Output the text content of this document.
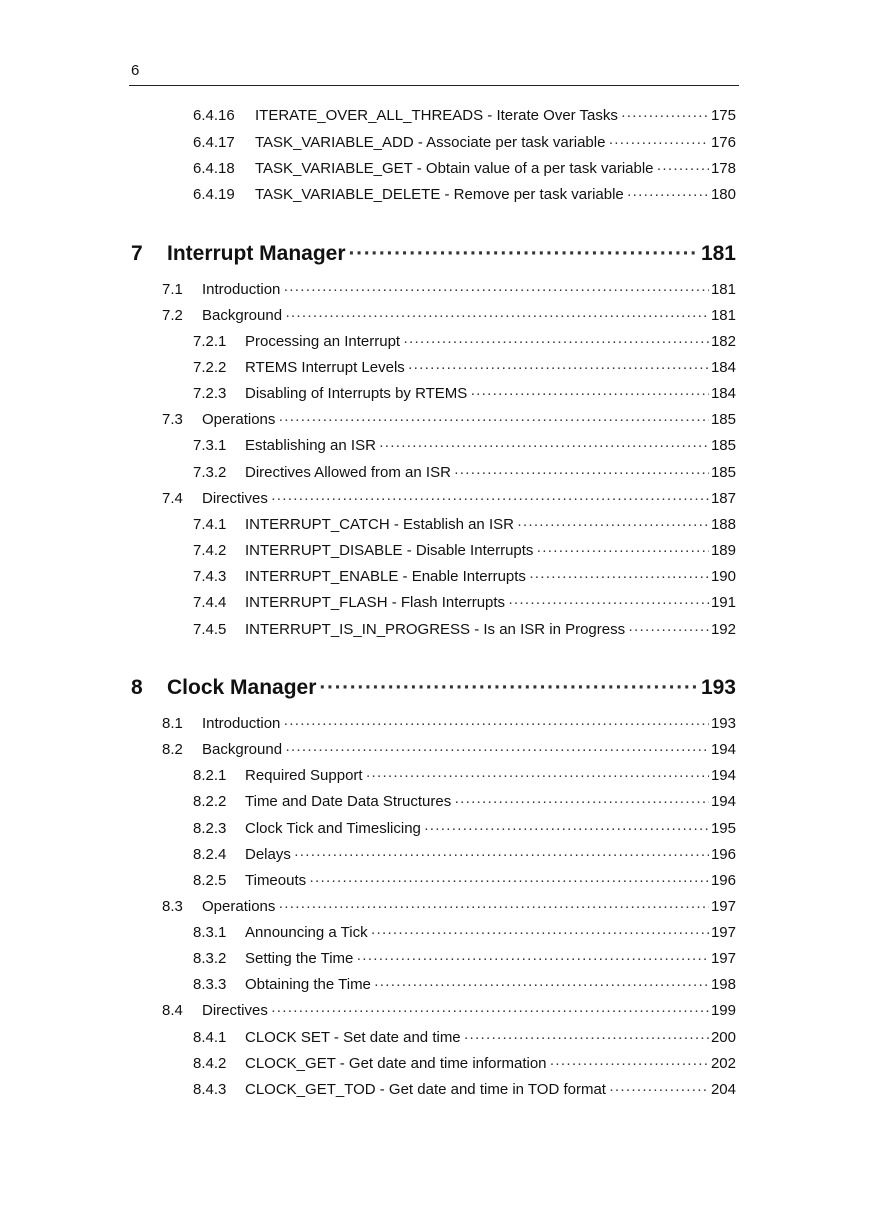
6
6.4.16	ITERATE_OVER_ALL_THREADS - Iterate Over Tasks ·····	175
6.4.17	TASK_VARIABLE_ADD - Associate per task variable ·····	176
6.4.18	TASK_VARIABLE_GET - Obtain value of a per task variable ·····	178
6.4.19	TASK_VARIABLE_DELETE - Remove per task variable ·····	180
7	Interrupt Manager ·····	181
7.1	Introduction ·····	181
7.2	Background ·····	181
7.2.1	Processing an Interrupt ·····	182
7.2.2	RTEMS Interrupt Levels ·····	184
7.2.3	Disabling of Interrupts by RTEMS ·····	184
7.3	Operations ·····	185
7.3.1	Establishing an ISR ·····	185
7.3.2	Directives Allowed from an ISR ·····	185
7.4	Directives ·····	187
7.4.1	INTERRUPT_CATCH - Establish an ISR ·····	188
7.4.2	INTERRUPT_DISABLE - Disable Interrupts ·····	189
7.4.3	INTERRUPT_ENABLE - Enable Interrupts ·····	190
7.4.4	INTERRUPT_FLASH - Flash Interrupts ·····	191
7.4.5	INTERRUPT_IS_IN_PROGRESS - Is an ISR in Progress ·····	192
8	Clock Manager ·····	193
8.1	Introduction ·····	193
8.2	Background ·····	194
8.2.1	Required Support ·····	194
8.2.2	Time and Date Data Structures ·····	194
8.2.3	Clock Tick and Timeslicing ·····	195
8.2.4	Delays ·····	196
8.2.5	Timeouts ·····	196
8.3	Operations ·····	197
8.3.1	Announcing a Tick ·····	197
8.3.2	Setting the Time ·····	197
8.3.3	Obtaining the Time ·····	198
8.4	Directives ·····	199
8.4.1	CLOCK SET - Set date and time ·····	200
8.4.2	CLOCK_GET - Get date and time information ·····	202
8.4.3	CLOCK_GET_TOD - Get date and time in TOD format ·····	204
